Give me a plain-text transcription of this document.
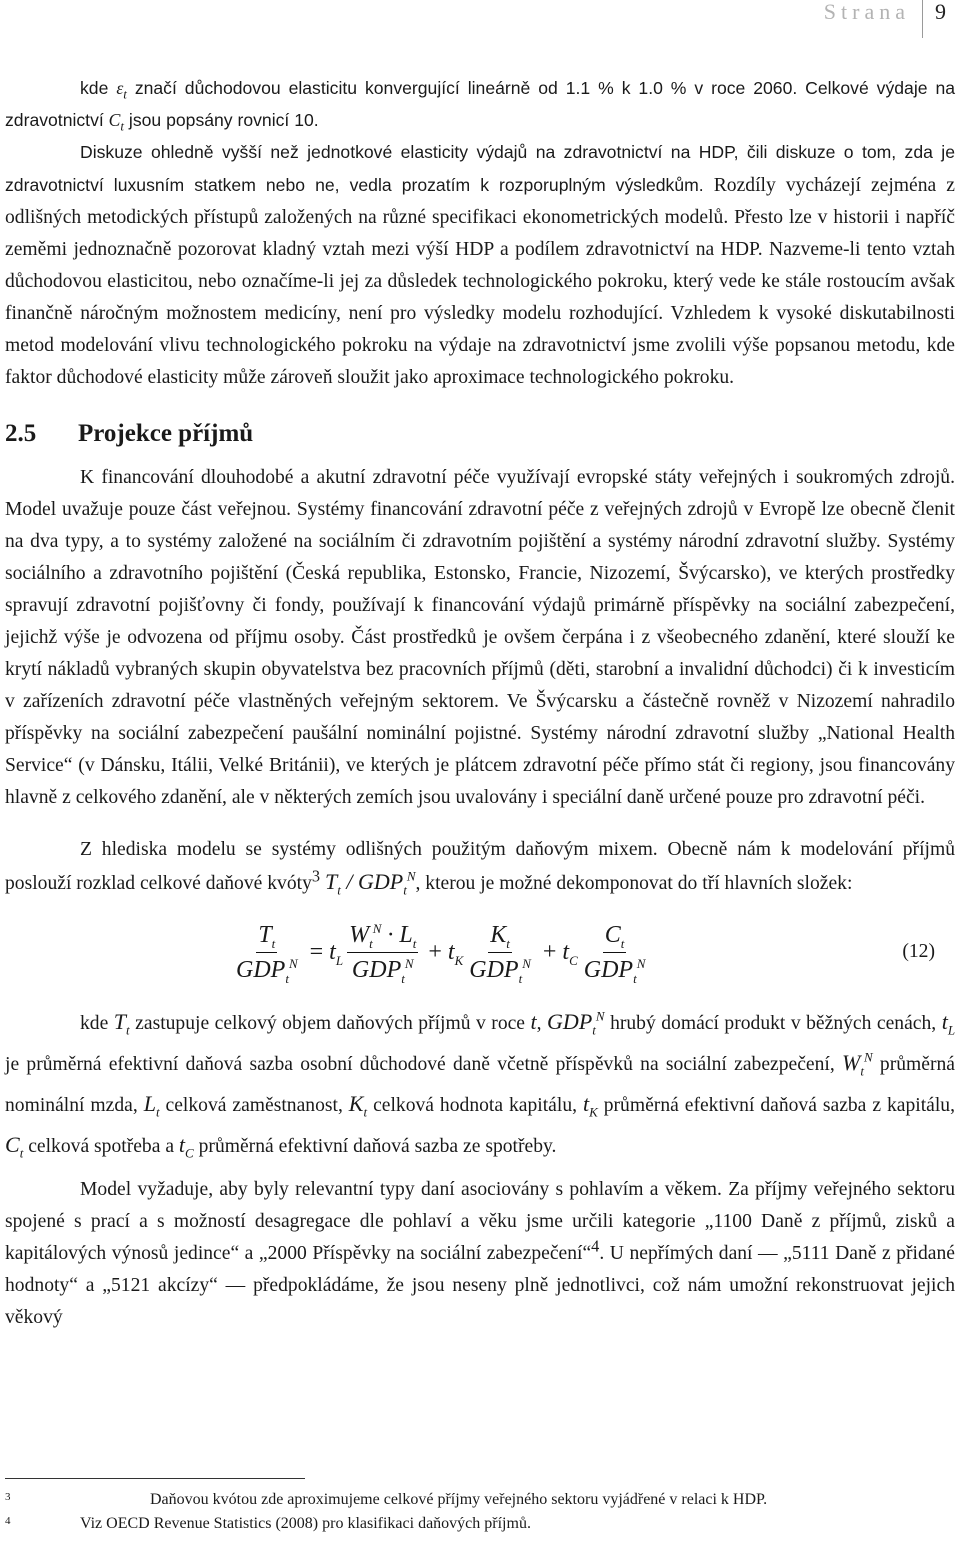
Strana	9

kde $\varepsilon_t$ značí důchodovou elasticitu konvergující lineárně od 1.1 % k 1.0 % v roce 2060. Celkové výdaje na zdravotnictví $C_t$ jsou popsány rovnicí 10.

Diskuze ohledně vyšší než jednotkové elasticity výdajů na zdravotnictví na HDP, čili diskuze o tom, zda je zdravotnictví luxusním statkem nebo ne, vedla prozatím k rozporuplným výsledkům. Rozdíly vycházejí zejména z odlišných metodických přístupů založených na různé specifikaci ekonometrických modelů. Přesto lze v historii i napříč zeměmi jednoznačně pozorovat kladný vztah mezi výší HDP a podílem zdravotnictví na HDP. Nazveme-li tento vztah důchodovou elasticitou, nebo označíme-li jej za důsledek technologického pokroku, který vede ke stále rostoucím avšak finančně náročným možnostem medicíny, není pro výsledky modelu rozhodující. Vzhledem k vysoké diskutabilnosti metod modelování vlivu technologického pokroku na výdaje na zdravotnictví jsme zvolili výše popsanou metodu, kde faktor důchodové elasticity může zároveň sloužit jako aproximace technologického pokroku.

2.5 Projekce příjmů

K financování dlouhodobé a akutní zdravotní péče využívají evropské státy veřejných i soukromých zdrojů. Model uvažuje pouze část veřejnou. Systémy financování zdravotní péče z veřejných zdrojů v Evropě lze obecně členit na dva typy, a to systémy založené na sociálním či zdravotním pojištění a systémy národní zdravotní služby. Systémy sociálního a zdravotního pojištění (Česká republika, Estonsko, Francie, Nizozemí, Švýcarsko), ve kterých prostředky spravují zdravotní pojišťovny či fondy, používají k financování výdajů primárně příspěvky na sociální zabezpečení, jejichž výše je odvozena od příjmu osoby. Část prostředků je ovšem čerpána i z všeobecného zdanění, které slouží ke krytí nákladů vybraných skupin obyvatelstva bez pracovních příjmů (děti, starobní a invalidní důchodci) či k investicím v zařízeních zdravotní péče vlastněných veřejným sektorem. Ve Švýcarsku a částečně rovněž v Nizozemí nahradilo příspěvky na sociální zabezpečení paušální nominální pojistné. Systémy národní zdravotní služby „National Health Service“ (v Dánsku, Itálii, Velké Británii), ve kterých je plátcem zdravotní péče přímo stát či regiony, jsou financovány hlavně z celkového zdanění, ale v některých zemích jsou uvalovány i speciální daně určené pouze pro zdravotní péči.

Z hlediska modelu se systémy odlišných použitým daňovým mixem. Obecně nám k modelování příjmů poslouží rozklad celkové daňové kvóty$^3$ $T_t / GDP_t^N$, kterou je možné dekomponovat do tří hlavních složek:

$\frac{T_t}{GDP_t^N} = t_L \frac{W_t^N \cdot L_t}{GDP_t^N} + t_K \frac{K_t}{GDP_t^N} + t_C \frac{C_t}{GDP_t^N}$	(12)

kde $T_t$ zastupuje celkový objem daňových příjmů v roce t, $GDP_t^N$ hrubý domácí produkt v běžných cenách, $t_L$ je průměrná efektivní daňová sazba osobní důchodové daně včetně příspěvků na sociální zabezpečení, $W_t^N$ průměrná nominální mzda, $L_t$ celková zaměstnanost, $K_t$ celková hodnota kapitálu, $t_K$ průměrná efektivní daňová sazba z kapitálu, $C_t$ celková spotřeba a $t_C$ průměrná efektivní daňová sazba ze spotřeby.

Model vyžaduje, aby byly relevantní typy daní asociovány s pohlavím a věkem. Za příjmy veřejného sektoru spojené s prací a s možností desagregace dle pohlaví a věku jsme určili kategorie „1100 Daně z příjmů, zisků a kapitálových výnosů jedince“ a „2000 Příspěvky na sociální zabezpečení“$^4$. U nepřímých daní — „5111 Daně z přidané hodnoty“ a „5121 akcízy“ — předpokládáme, že jsou neseny plně jednotlivci, což nám umožní rekonstruovat jejich věkový

3	Daňovou kvótou zde aproximujeme celkové příjmy veřejného sektoru vyjádřené v relaci k HDP.
4	Viz OECD Revenue Statistics (2008) pro klasifikaci daňových příjmů.
